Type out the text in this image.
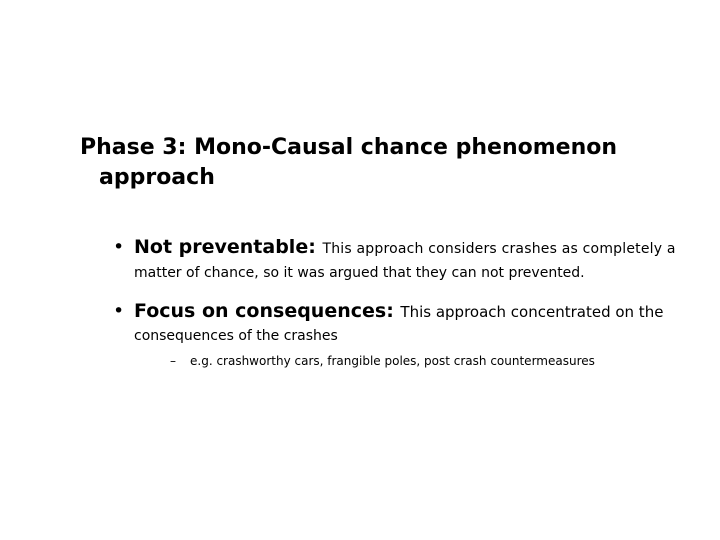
Phase 3: Mono-Causal chance phenomenon
approach
• Not preventable: This approach considers crashes as completely a
matter of chance, so it was argued that they can not prevented.
• Focus on consequences: This approach concentrated on the
consequences of the crashes
– e.g. crashworthy cars, frangible poles, post crash countermeasures
